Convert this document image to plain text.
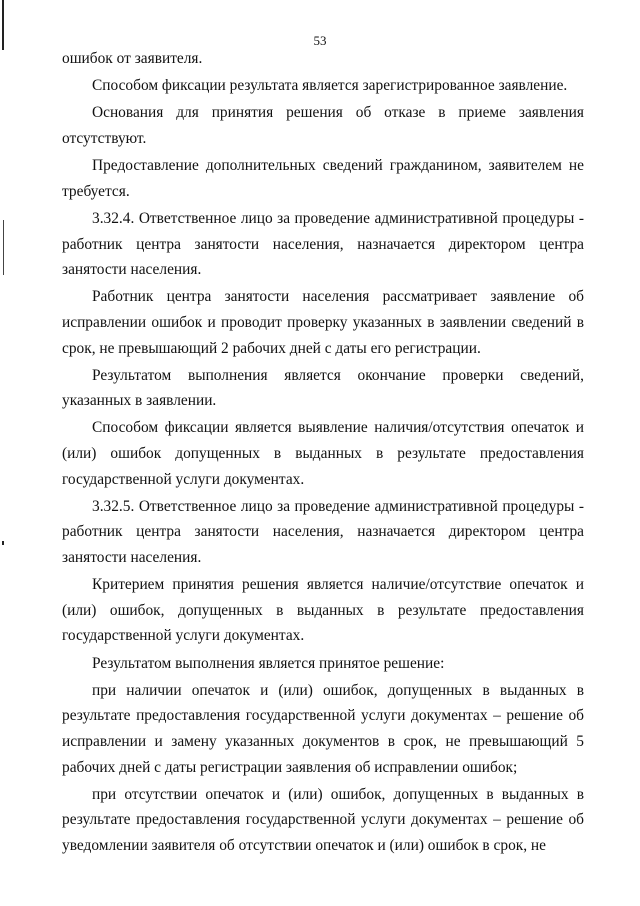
53

ошибок от заявителя.

Способом фиксации результата является зарегистрированное заявление.

Основания для принятия решения об отказе в приеме заявления отсутствуют.

Предоставление дополнительных сведений гражданином, заявителем не требуется.

3.32.4. Ответственное лицо за проведение административной процедуры - работник центра занятости населения, назначается директором центра занятости населения.

Работник центра занятости населения рассматривает заявление об исправлении ошибок и проводит проверку указанных в заявлении сведений в срок, не превышающий 2 рабочих дней с даты его регистрации.

Результатом выполнения является окончание проверки сведений, указанных в заявлении.

Способом фиксации является выявление наличия/отсутствия опечаток и (или) ошибок допущенных в выданных в результате предоставления государственной услуги документах.

3.32.5. Ответственное лицо за проведение административной процедуры - работник центра занятости населения, назначается директором центра занятости населения.

Критерием принятия решения является наличие/отсутствие опечаток и (или) ошибок, допущенных в выданных в результате предоставления государственной услуги документах.

Результатом выполнения является принятое решение:

при наличии опечаток и (или) ошибок, допущенных в выданных в результате предоставления государственной услуги документах – решение об исправлении и замену указанных документов в срок, не превышающий 5 рабочих дней с даты регистрации заявления об исправлении ошибок;

при отсутствии опечаток и (или) ошибок, допущенных в выданных в результате предоставления государственной услуги документах – решение об уведомлении заявителя об отсутствии опечаток и (или) ошибок в срок, не
